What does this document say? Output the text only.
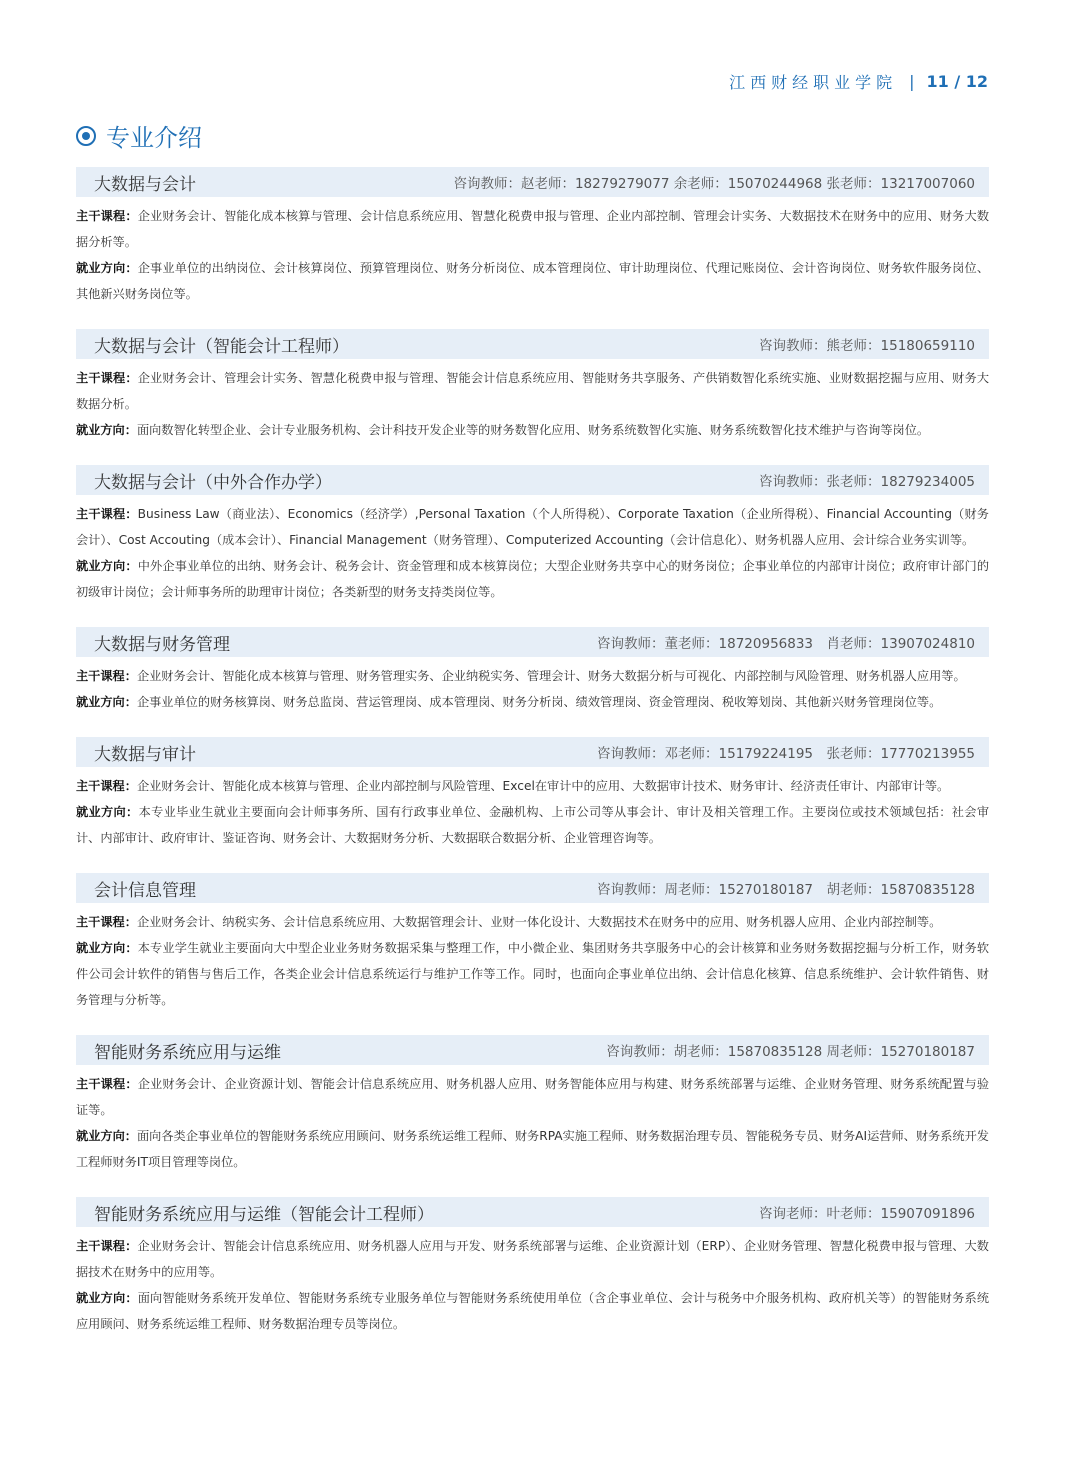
江西财经职业学院 | 11 / 12
专业介绍
大数据与会计	咨询教师：赵老师：18279279077 余老师：15070244968 张老师：13217007060

主干课程：企业财务会计、智能化成本核算与管理、会计信息系统应用、智慧化税费申报与管理、企业内部控制、管理会计实务、大数据技术在财务中的应用、财务大数据分析等。

就业方向：企事业单位的出纳岗位、会计核算岗位、预算管理岗位、财务分析岗位、成本管理岗位、审计助理岗位、代理记账岗位、会计咨询岗位、财务软件服务岗位、其他新兴财务岗位等。

大数据与会计（智能会计工程师）	咨询教师：熊老师：15180659110

主干课程：企业财务会计、管理会计实务、智慧化税费申报与管理、智能会计信息系统应用、智能财务共享服务、产供销数智化系统实施、业财数据挖掘与应用、财务大数据分析。

就业方向：面向数智化转型企业、会计专业服务机构、会计科技开发企业等的财务数智化应用、财务系统数智化实施、财务系统数智化技术维护与咨询等岗位。

大数据与会计（中外合作办学）	咨询教师：张老师：18279234005

主干课程：Business Law（商业法）、Economics（经济学）,Personal Taxation（个人所得税）、Corporate Taxation（企业所得税）、Financial Accounting（财务会计）、Cost Accouting（成本会计）、Financial Management（财务管理）、Computerized Accounting（会计信息化）、财务机器人应用、会计综合业务实训等。

就业方向：中外企事业单位的出纳、财务会计、税务会计、资金管理和成本核算岗位；大型企业财务共享中心的财务岗位；企事业单位的内部审计岗位；政府审计部门的初级审计岗位；会计师事务所的助理审计岗位；各类新型的财务支持类岗位等。

大数据与财务管理	咨询教师：董老师：18720956833　肖老师：13907024810

主干课程：企业财务会计、智能化成本核算与管理、财务管理实务、企业纳税实务、管理会计、财务大数据分析与可视化、内部控制与风险管理、财务机器人应用等。

就业方向：企事业单位的财务核算岗、财务总监岗、营运管理岗、成本管理岗、财务分析岗、绩效管理岗、资金管理岗、税收筹划岗、其他新兴财务管理岗位等。

大数据与审计	咨询教师：邓老师：15179224195　张老师：17770213955

主干课程：企业财务会计、智能化成本核算与管理、企业内部控制与风险管理、Excel在审计中的应用、大数据审计技术、财务审计、经济责任审计、内部审计等。

就业方向：本专业毕业生就业主要面向会计师事务所、国有行政事业单位、金融机构、上市公司等从事会计、审计及相关管理工作。主要岗位或技术领域包括：社会审计、内部审计、政府审计、鉴证咨询、财务会计、大数据财务分析、大数据联合数据分析、企业管理咨询等。

会计信息管理	咨询教师：周老师：15270180187　胡老师：15870835128

主干课程：企业财务会计、纳税实务、会计信息系统应用、大数据管理会计、业财一体化设计、大数据技术在财务中的应用、财务机器人应用、企业内部控制等。

就业方向：本专业学生就业主要面向大中型企业业务财务数据采集与整理工作，中小微企业、集团财务共享服务中心的会计核算和业务财务数据挖掘与分析工作，财务软件公司会计软件的销售与售后工作，各类企业会计信息系统运行与维护工作等工作。同时，也面向企事业单位出纳、会计信息化核算、信息系统维护、会计软件销售、财务管理与分析等。

智能财务系统应用与运维	咨询教师：胡老师：15870835128 周老师：15270180187

主干课程：企业财务会计、企业资源计划、智能会计信息系统应用、财务机器人应用、财务智能体应用与构建、财务系统部署与运维、企业财务管理、财务系统配置与验证等。

就业方向：面向各类企事业单位的智能财务系统应用顾问、财务系统运维工程师、财务RPA实施工程师、财务数据治理专员、智能税务专员、财务AI运营师、财务系统开发工程师财务IT项目管理等岗位。

智能财务系统应用与运维（智能会计工程师）	咨询老师：叶老师：15907091896

主干课程：企业财务会计、智能会计信息系统应用、财务机器人应用与开发、财务系统部署与运维、企业资源计划（ERP）、企业财务管理、智慧化税费申报与管理、大数据技术在财务中的应用等。

就业方向：面向智能财务系统开发单位、智能财务系统专业服务单位与智能财务系统使用单位（含企事业单位、会计与税务中介服务机构、政府机关等）的智能财务系统应用顾问、财务系统运维工程师、财务数据治理专员等岗位。
